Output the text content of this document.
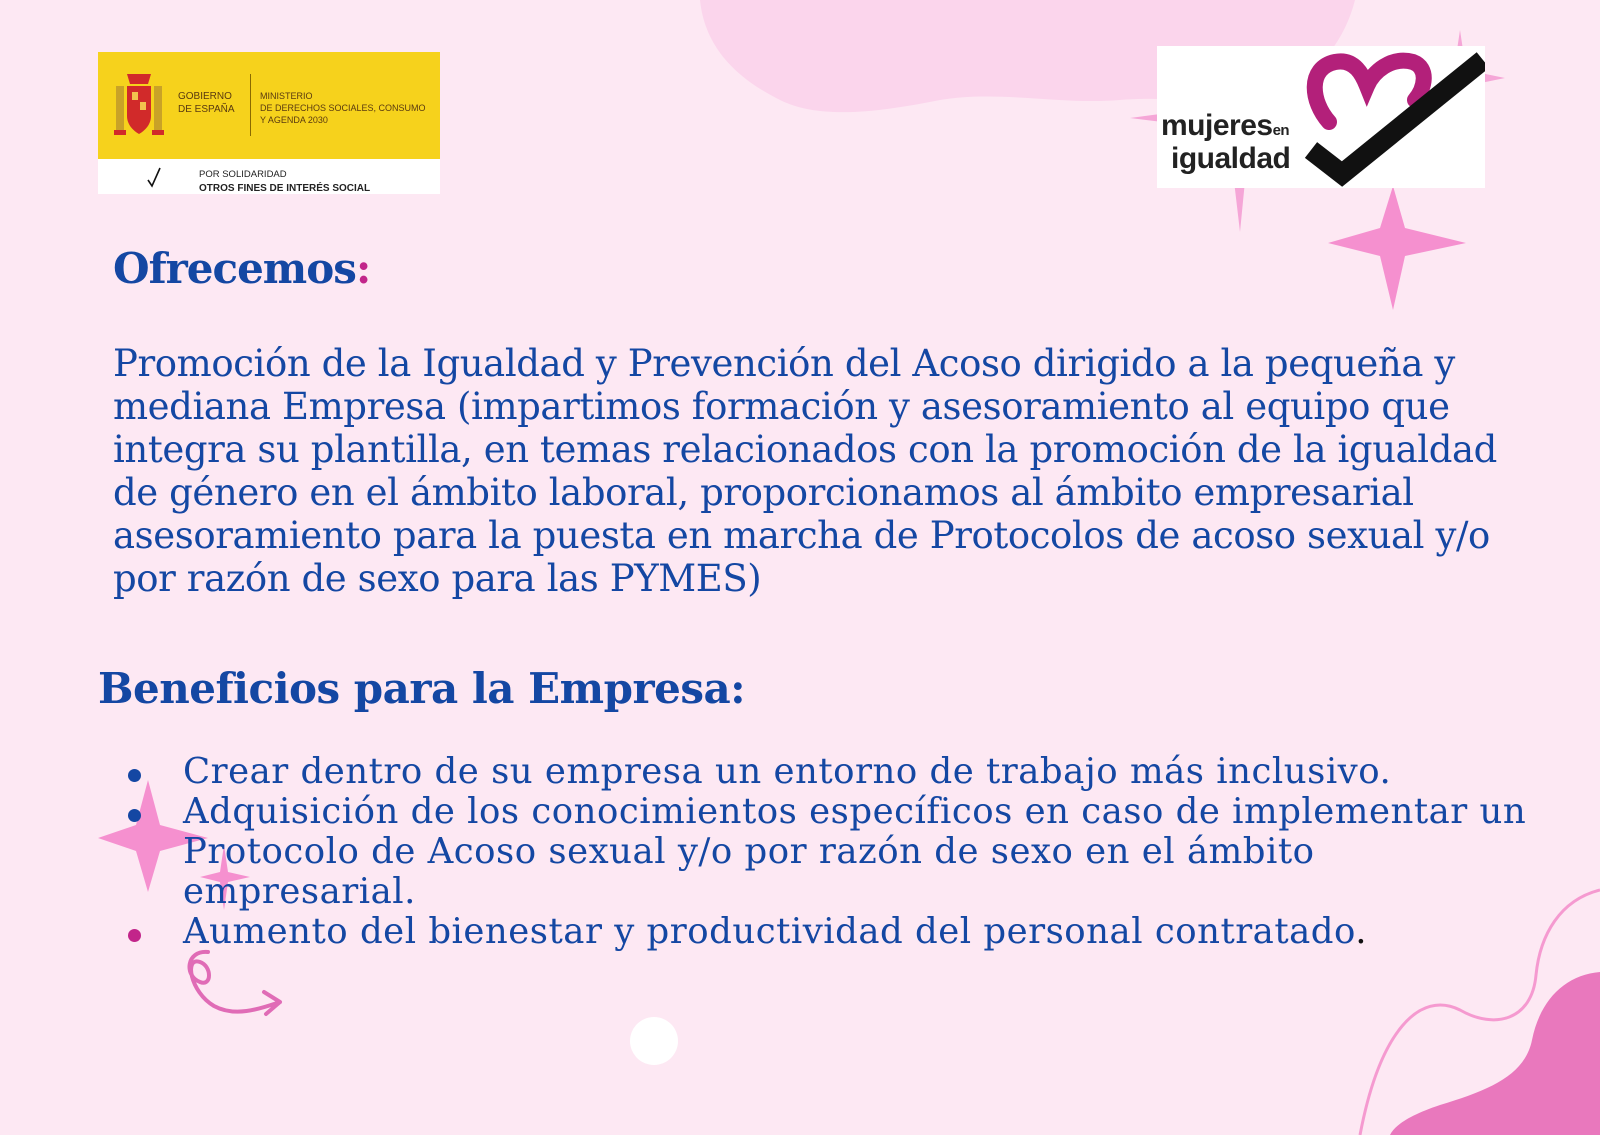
GOBIERNO
DE ESPAÑA
MINISTERIO
DE DERECHOS SOCIALES, CONSUMO
Y AGENDA 2030
POR SOLIDARIDAD
OTROS FINES DE INTERÉS SOCIAL
mujeresen
igualdad
Ofrecemos:

Promoción de la Igualdad y Prevención del Acoso dirigido a la pequeña y mediana Empresa (impartimos formación y asesoramiento al equipo que integra su plantilla, en temas relacionados con la promoción de la igualdad de género en el ámbito laboral, proporcionamos al ámbito empresarial asesoramiento para la puesta en marcha de Protocolos de acoso sexual y/o por razón de sexo para las PYMES)

Beneficios para la Empresa:
Crear dentro de su empresa un entorno de trabajo más inclusivo.
Adquisición de los conocimientos específicos en caso de implementar un Protocolo de Acoso sexual y/o por razón de sexo en el ámbito empresarial.
Aumento del bienestar y productividad del personal contratado.
